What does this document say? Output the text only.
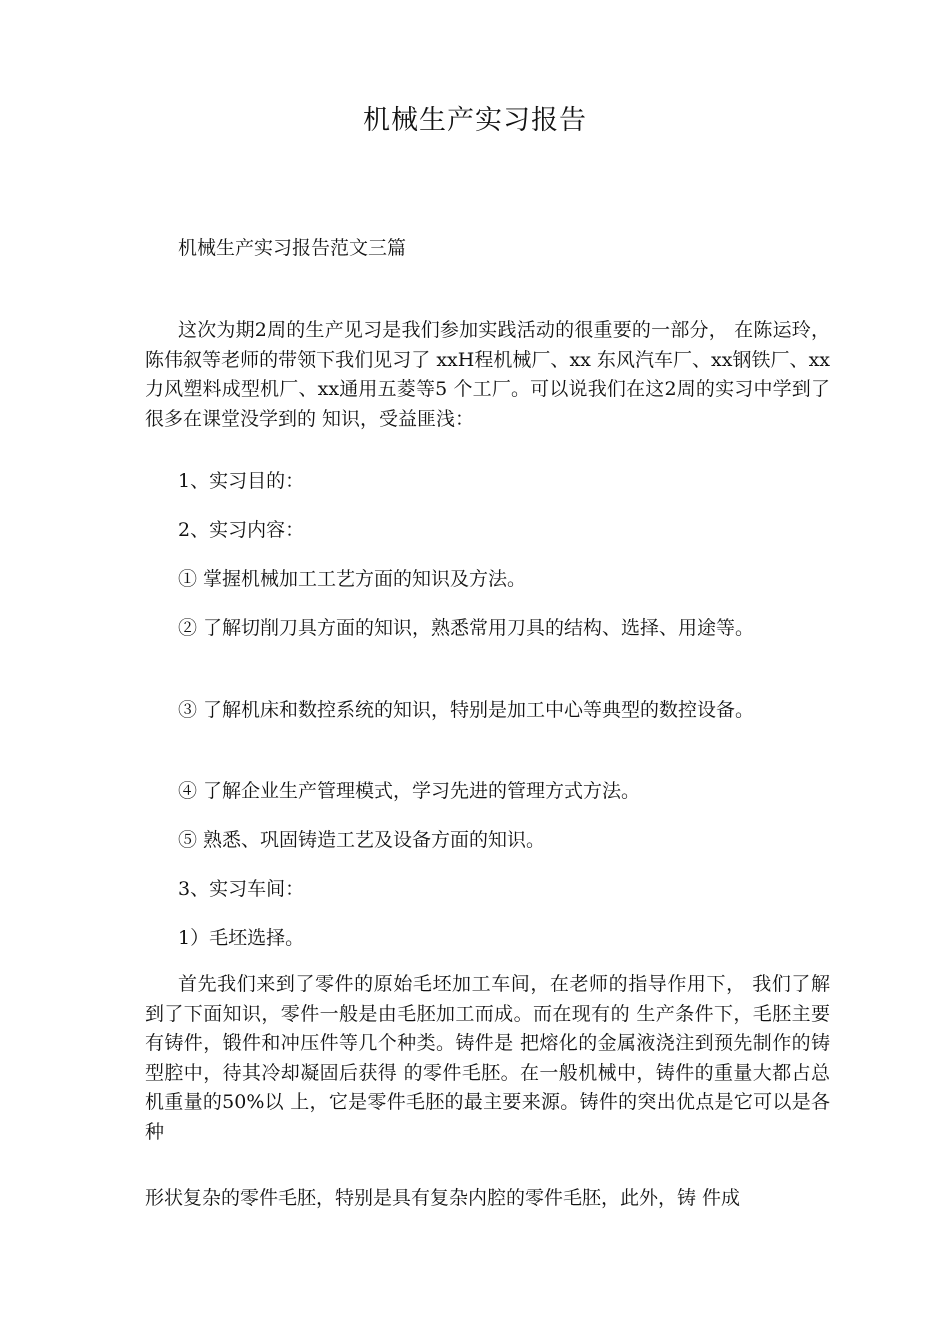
机械生产实习报告
机械生产实习报告范文三篇
这次为期2周的生产见习是我们参加实践活动的很重要的一部分， 在陈运玲，陈伟叙等老师的带领下我们见习了 xxH程机械厂、xx 东风汽车厂、xx钢铁厂、xx力风塑料成型机厂、xx通用五菱等5 个工厂。可以说我们在这2周的实习中学到了很多在课堂没学到的 知识，受益匪浅：
1、实习目的：
2、实习内容：
① 掌握机械加工工艺方面的知识及方法。
② 了解切削刀具方面的知识，熟悉常用刀具的结构、选择、用途等。
③ 了解机床和数控系统的知识，特别是加工中心等典型的数控设备。
④ 了解企业生产管理模式，学习先进的管理方式方法。
⑤ 熟悉、巩固铸造工艺及设备方面的知识。
3、实习车间：
1）毛坯选择。
首先我们来到了零件的原始毛坯加工车间，在老师的指导作用下， 我们了解到了下面知识，零件一般是由毛胚加工而成。而在现有的 生产条件下，毛胚主要有铸件，锻件和冲压件等几个种类。铸件是 把熔化的金属液浇注到预先制作的铸型腔中，待其冷却凝固后获得 的零件毛胚。在一般机械中，铸件的重量大都占总机重量的50%以 上，它是零件毛胚的最主要来源。铸件的突出优点是它可以是各种
形状复杂的零件毛胚，特别是具有复杂内腔的零件毛胚，此外，铸 件成
